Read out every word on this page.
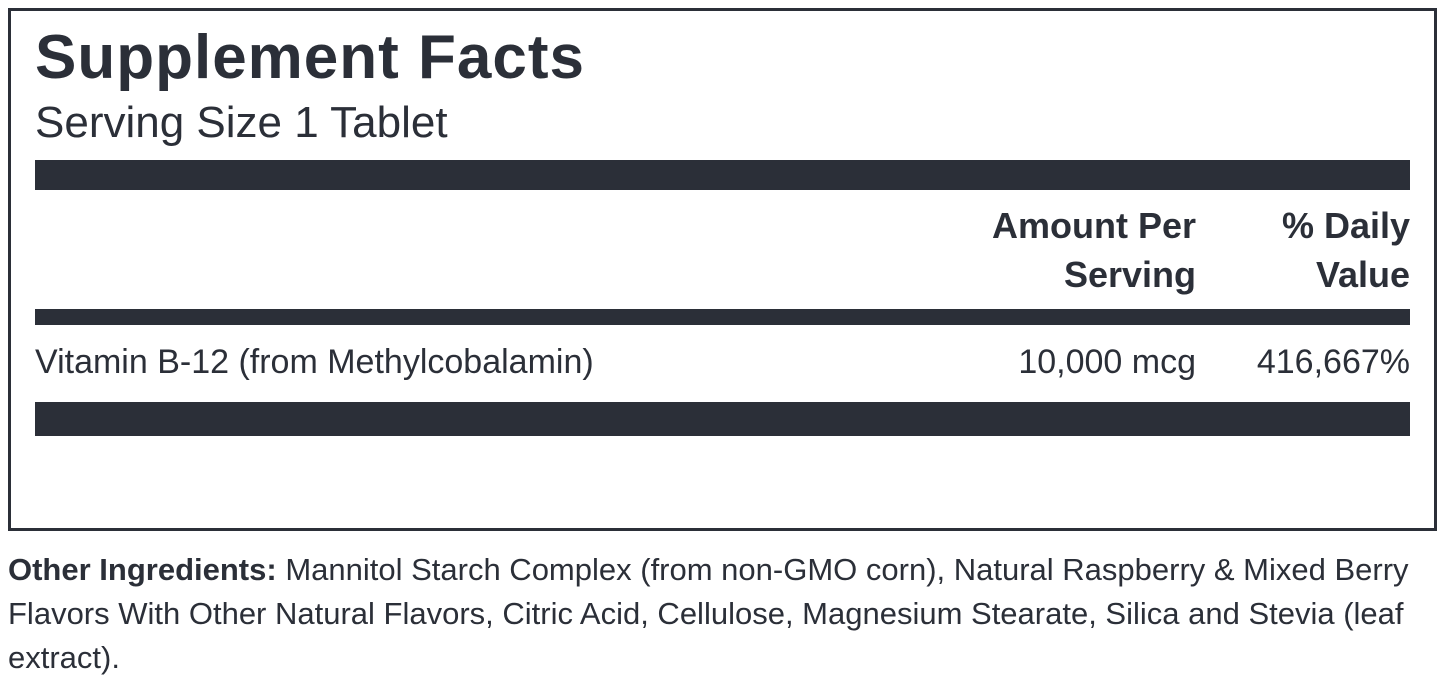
Supplement Facts
Serving Size 1 Tablet
Amount Per Serving
% Daily Value
Vitamin B-12 (from Methylcobalamin)	10,000 mcg	416,667%
Other Ingredients: Mannitol Starch Complex (from non-GMO corn), Natural Raspberry & Mixed Berry Flavors With Other Natural Flavors, Citric Acid, Cellulose, Magnesium Stearate, Silica and Stevia (leaf extract).
